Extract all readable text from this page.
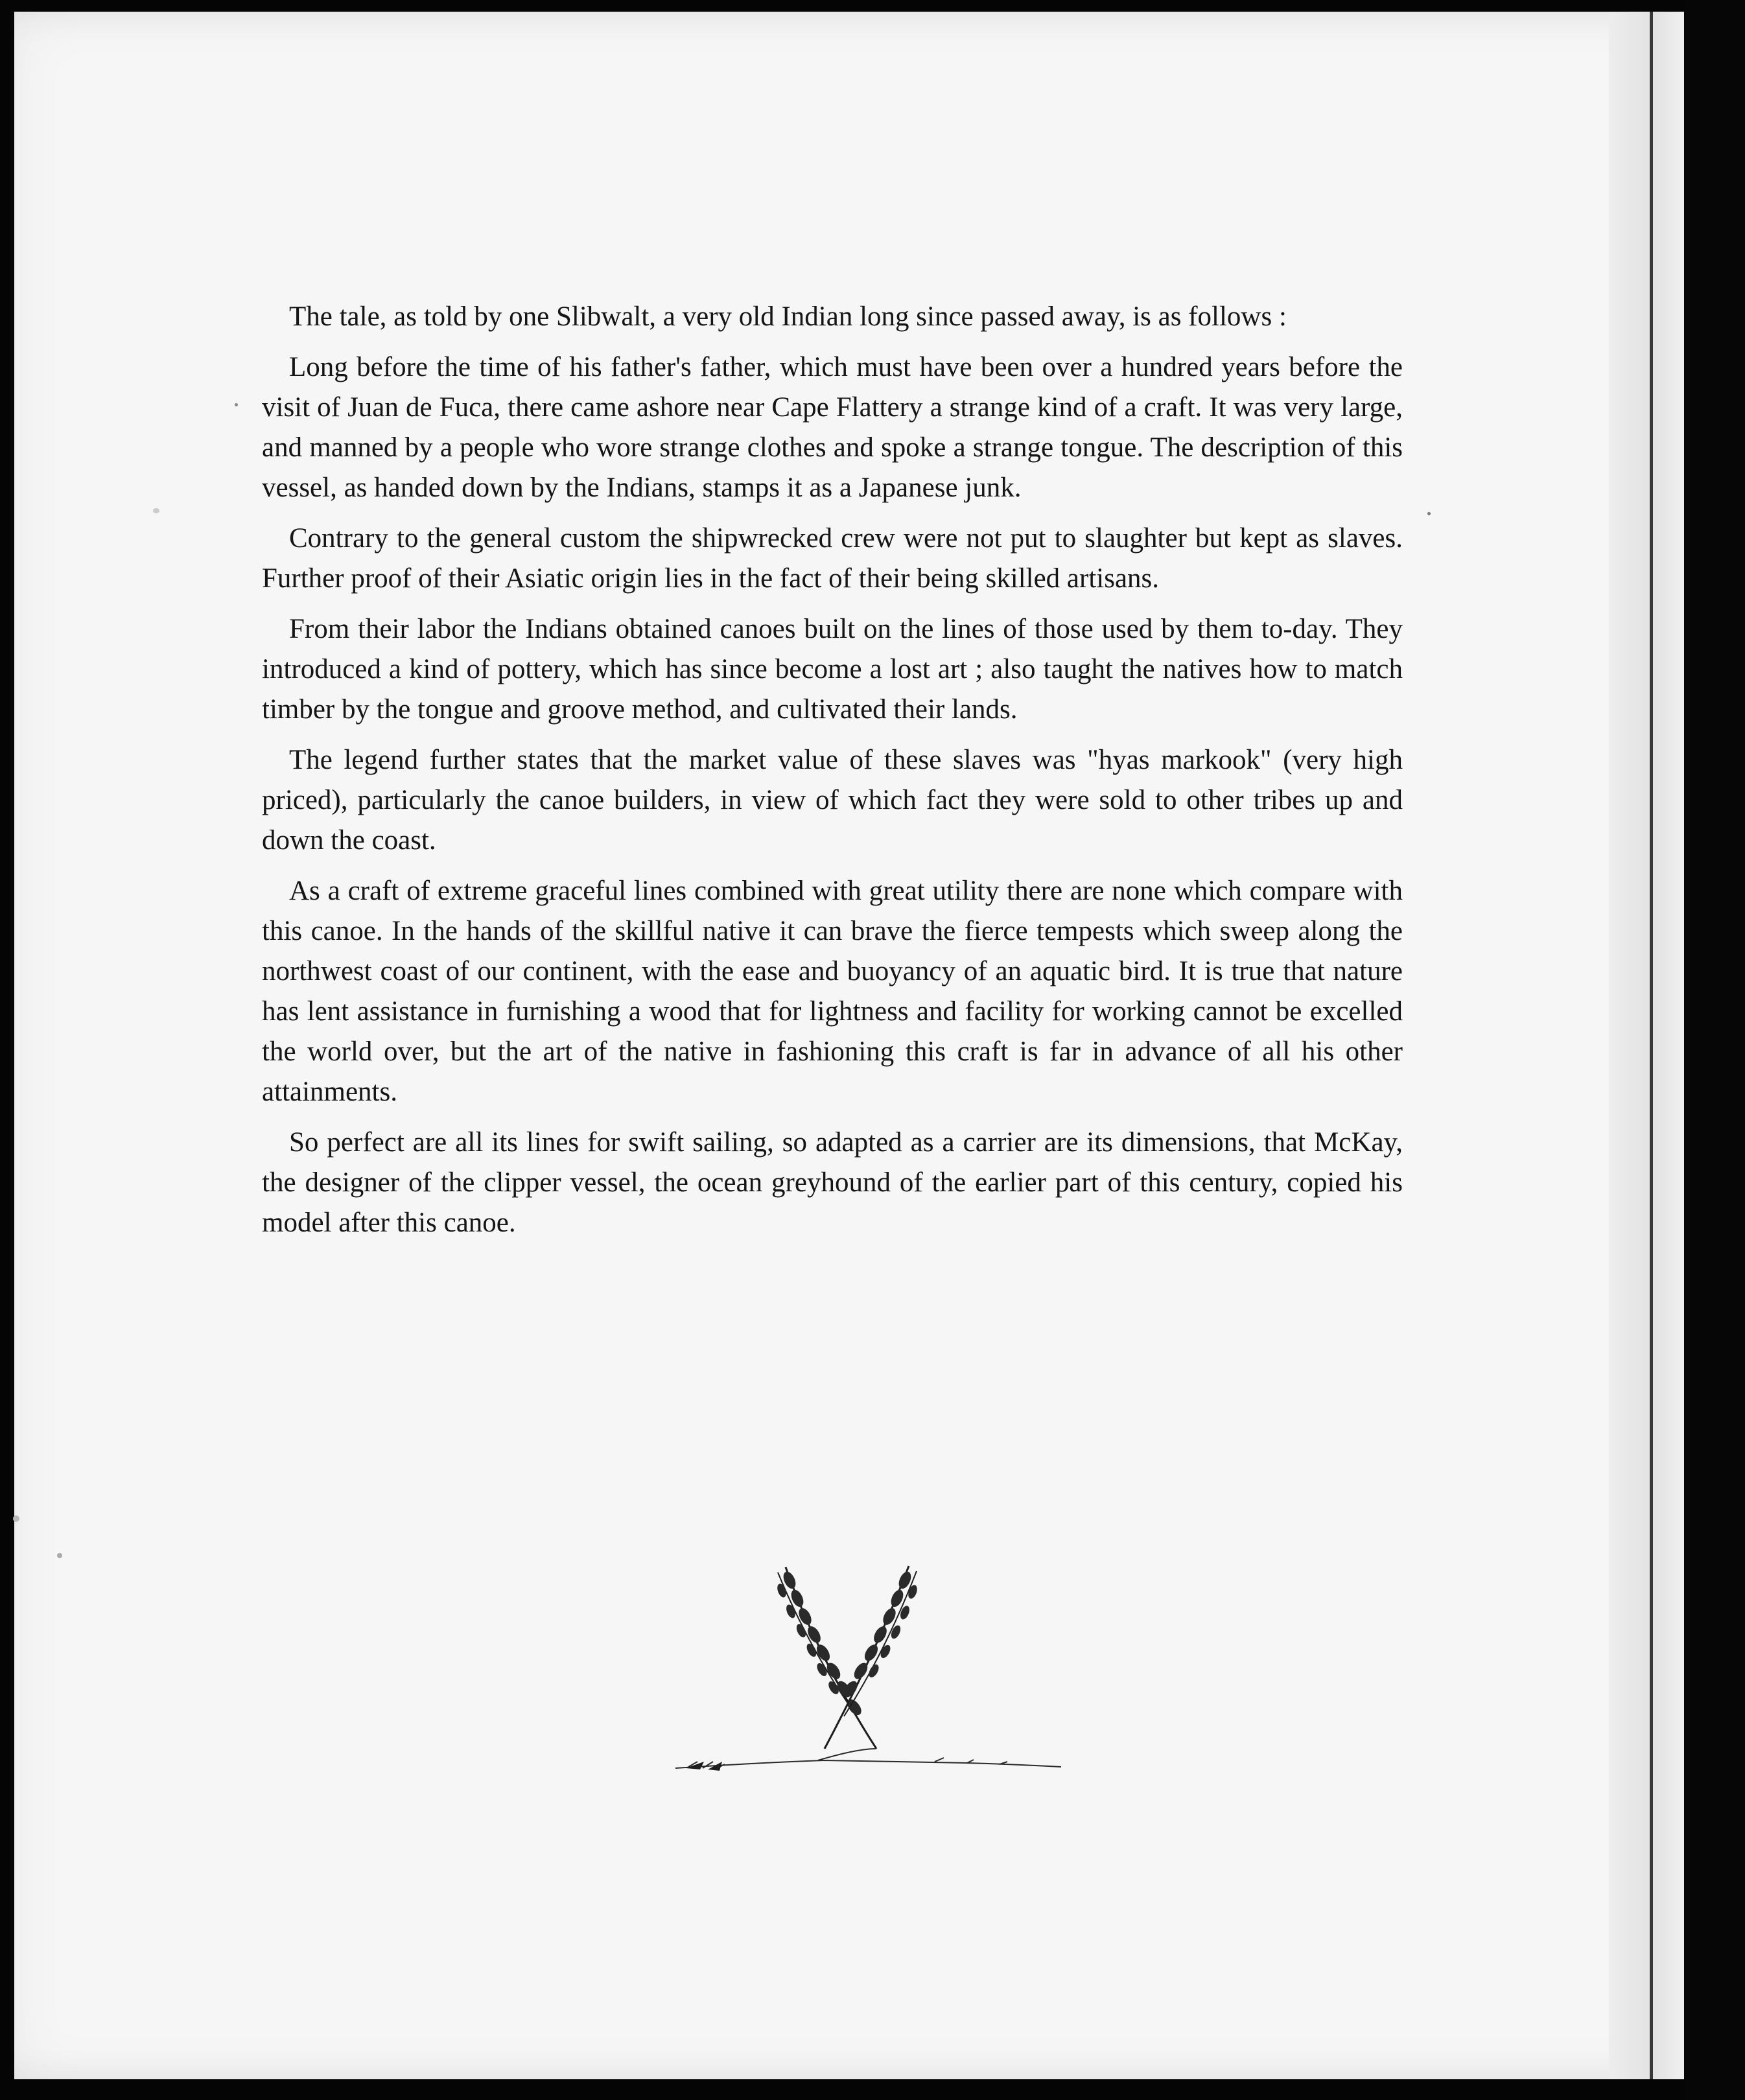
The tale, as told by one Slibwalt, a very old Indian long since passed away, is as follows :

Long before the time of his father's father, which must have been over a hundred years before the visit of Juan de Fuca, there came ashore near Cape Flattery a strange kind of a craft. It was very large, and manned by a people who wore strange clothes and spoke a strange tongue. The description of this vessel, as handed down by the Indians, stamps it as a Japanese junk.

Contrary to the general custom the shipwrecked crew were not put to slaughter but kept as slaves. Further proof of their Asiatic origin lies in the fact of their being skilled artisans.

From their labor the Indians obtained canoes built on the lines of those used by them to-day. They introduced a kind of pottery, which has since become a lost art ; also taught the natives how to match timber by the tongue and groove method, and cultivated their lands.

The legend further states that the market value of these slaves was "hyas markook" (very high priced), particularly the canoe builders, in view of which fact they were sold to other tribes up and down the coast.

As a craft of extreme graceful lines combined with great utility there are none which compare with this canoe. In the hands of the skillful native it can brave the fierce tempests which sweep along the northwest coast of our continent, with the ease and buoyancy of an aquatic bird. It is true that nature has lent assistance in furnishing a wood that for lightness and facility for working cannot be excelled the world over, but the art of the native in fashioning this craft is far in advance of all his other attainments.

So perfect are all its lines for swift sailing, so adapted as a carrier are its dimensions, that McKay, the designer of the clipper vessel, the ocean greyhound of the earlier part of this century, copied his model after this canoe.
